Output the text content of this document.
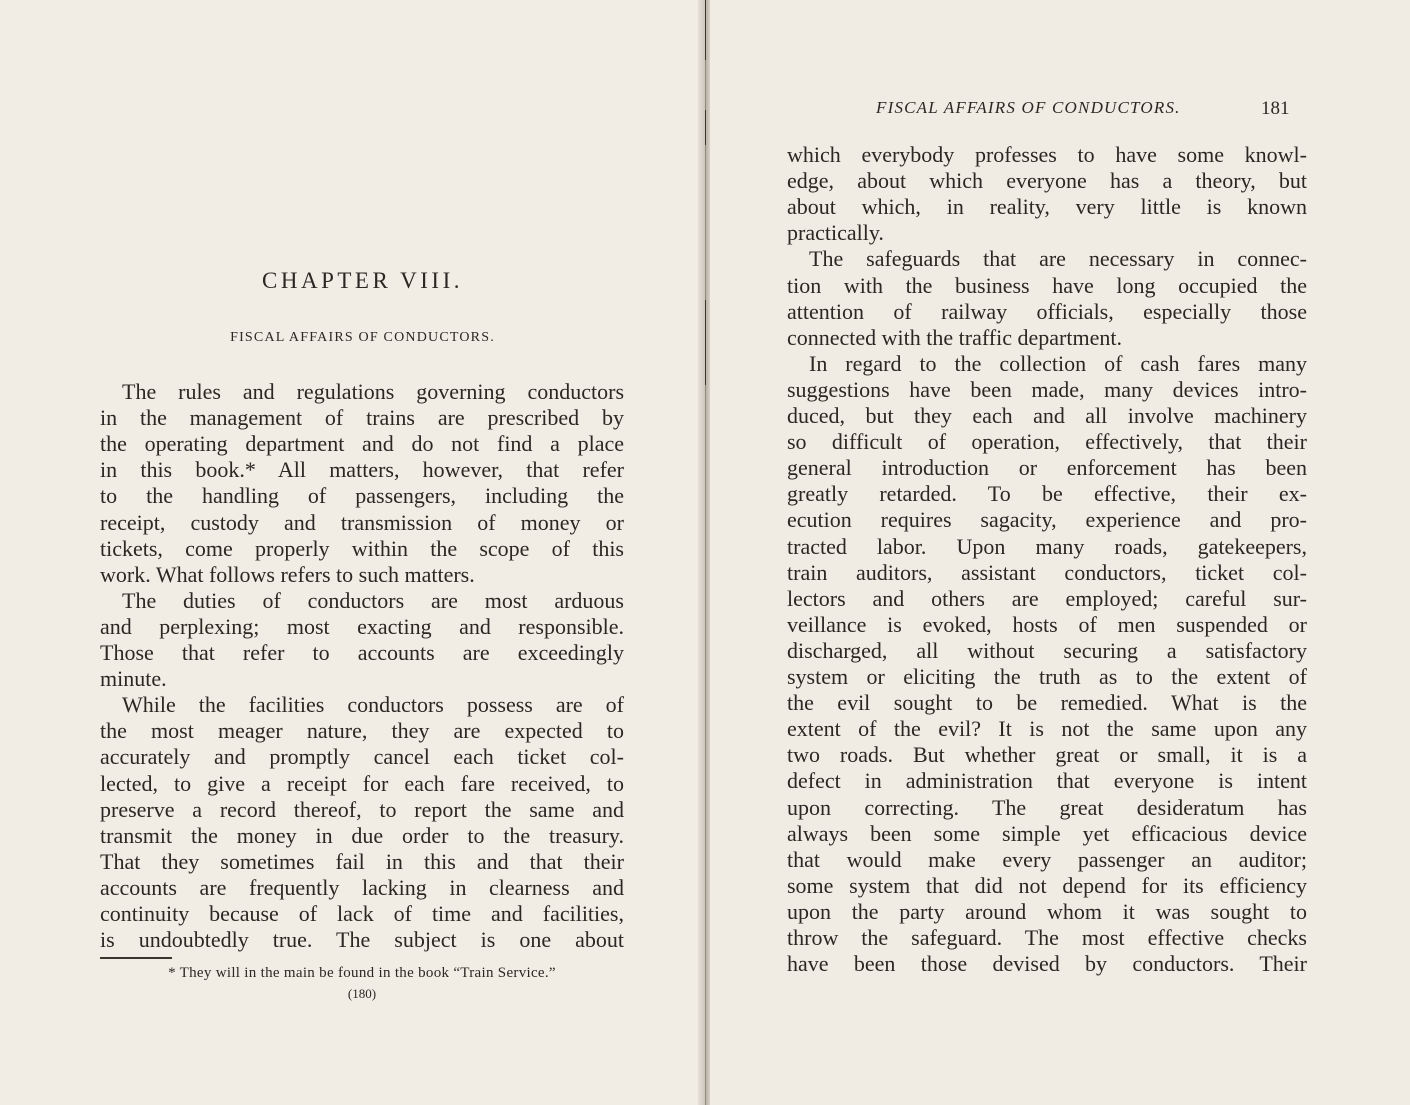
CHAPTER VIII.
FISCAL AFFAIRS OF CONDUCTORS.
The rules and regulations governing conductors
in the management of trains are prescribed by
the operating department and do not find a place
in this book.* All matters, however, that refer
to the handling of passengers, including the
receipt, custody and transmission of money or
tickets, come properly within the scope of this
work. What follows refers to such matters.
The duties of conductors are most arduous
and perplexing; most exacting and responsible.
Those that refer to accounts are exceedingly
minute.
While the facilities conductors possess are of
the most meager nature, they are expected to
accurately and promptly cancel each ticket col-
lected, to give a receipt for each fare received, to
preserve a record thereof, to report the same and
transmit the money in due order to the treasury.
That they sometimes fail in this and that their
accounts are frequently lacking in clearness and
continuity because of lack of time and facilities,
is undoubtedly true. The subject is one about
* They will in the main be found in the book “Train Service.”
(180)
FISCAL AFFAIRS OF CONDUCTORS.	181
which everybody professes to have some knowl-
edge, about which everyone has a theory, but
about which, in reality, very little is known
practically.
The safeguards that are necessary in connec-
tion with the business have long occupied the
attention of railway officials, especially those
connected with the traffic department.
In regard to the collection of cash fares many
suggestions have been made, many devices intro-
duced, but they each and all involve machinery
so difficult of operation, effectively, that their
general introduction or enforcement has been
greatly retarded. To be effective, their ex-
ecution requires sagacity, experience and pro-
tracted labor. Upon many roads, gatekeepers,
train auditors, assistant conductors, ticket col-
lectors and others are employed; careful sur-
veillance is evoked, hosts of men suspended or
discharged, all without securing a satisfactory
system or eliciting the truth as to the extent of
the evil sought to be remedied. What is the
extent of the evil? It is not the same upon any
two roads. But whether great or small, it is a
defect in administration that everyone is intent
upon correcting. The great desideratum has
always been some simple yet efficacious device
that would make every passenger an auditor;
some system that did not depend for its efficiency
upon the party around whom it was sought to
throw the safeguard. The most effective checks
have been those devised by conductors. Their
